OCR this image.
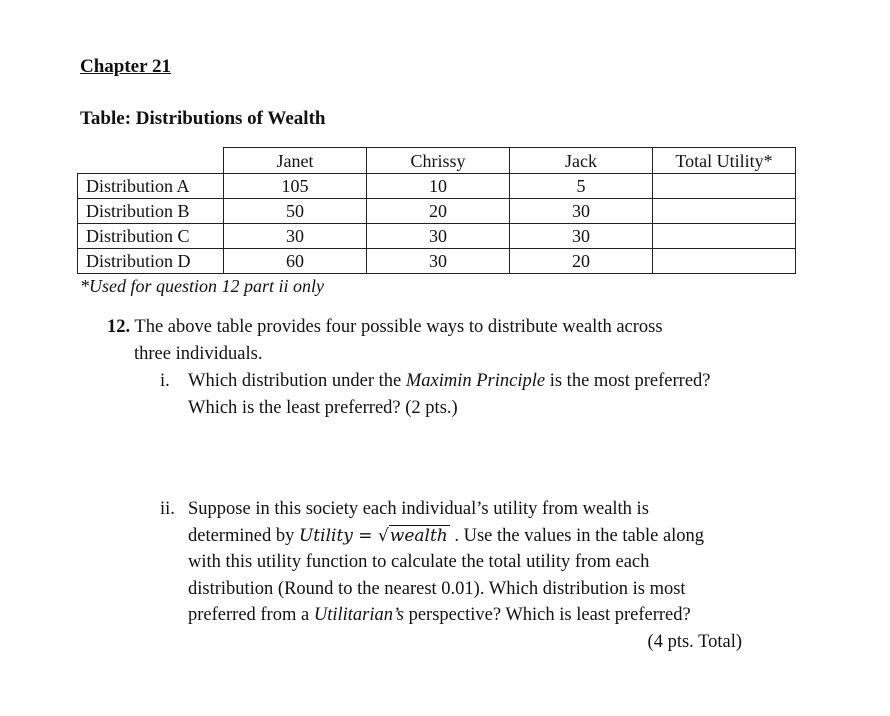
Chapter 21
Table: Distributions of Wealth
	Janet	Chrissy	Jack	Total Utility*
Distribution A	105	10	5	
Distribution B	50	20	30	
Distribution C	30	30	30	
Distribution D	60	30	20	
*Used for question 12 part ii only
12. The above table provides four possible ways to distribute wealth across
three individuals.
i. Which distribution under the Maximin Principle is the most preferred?
Which is the least preferred? (2 pts.)
ii. Suppose in this society each individual’s utility from wealth is
determined by Utility = √wealth . Use the values in the table along
with this utility function to calculate the total utility from each
distribution (Round to the nearest 0.01). Which distribution is most
preferred from a Utilitarian’s perspective? Which is least preferred?
(4 pts. Total)
